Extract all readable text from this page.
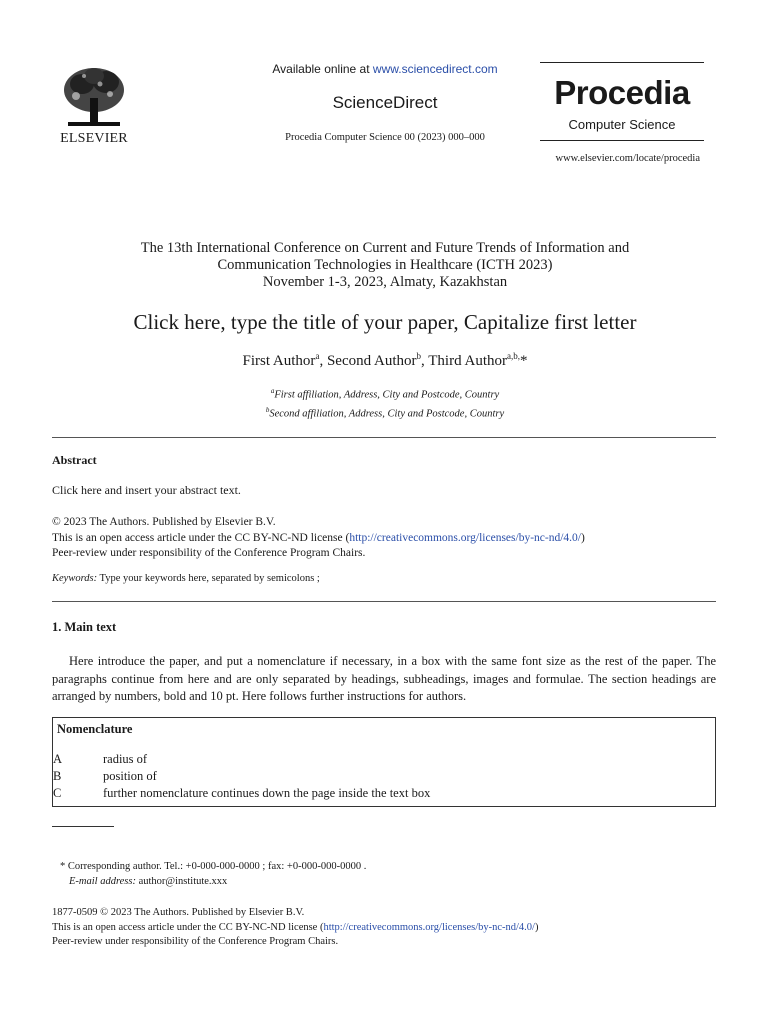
ELSEVIER
Available online at www.sciencedirect.com
ScienceDirect
Procedia Computer Science 00 (2023) 000–000
Procedia
Computer Science
www.elsevier.com/locate/procedia
The 13th International Conference on Current and Future Trends of Information and
Communication Technologies in Healthcare (ICTH 2023)
November 1-3, 2023, Almaty, Kazakhstan
Click here, type the title of your paper, Capitalize first letter
First Author$^a$, Second Author$^b$, Third Author$^{a,b,}$*
$^a$First affiliation, Address, City and Postcode, Country
$^b$Second affiliation, Address, City and Postcode, Country
Abstract
Click here and insert your abstract text.
© 2023 The Authors. Published by Elsevier B.V.
This is an open access article under the CC BY-NC-ND license (http://creativecommons.org/licenses/by-nc-nd/4.0/)
Peer-review under responsibility of the Conference Program Chairs.
Keywords: Type your keywords here, separated by semicolons ;
1. Main text
Here introduce the paper, and put a nomenclature if necessary, in a box with the same font size as the rest of the paper. The paragraphs continue from here and are only separated by headings, subheadings, images and formulae. The section headings are arranged by numbers, bold and 10 pt. Here follows further instructions for authors.
Nomenclature
A	radius of
B	position of
C	further nomenclature continues down the page inside the text box
* Corresponding author. Tel.: +0-000-000-0000 ; fax: +0-000-000-0000 .
E-mail address: author@institute.xxx
1877-0509 © 2023 The Authors. Published by Elsevier B.V.
This is an open access article under the CC BY-NC-ND license (http://creativecommons.org/licenses/by-nc-nd/4.0/)
Peer-review under responsibility of the Conference Program Chairs.
